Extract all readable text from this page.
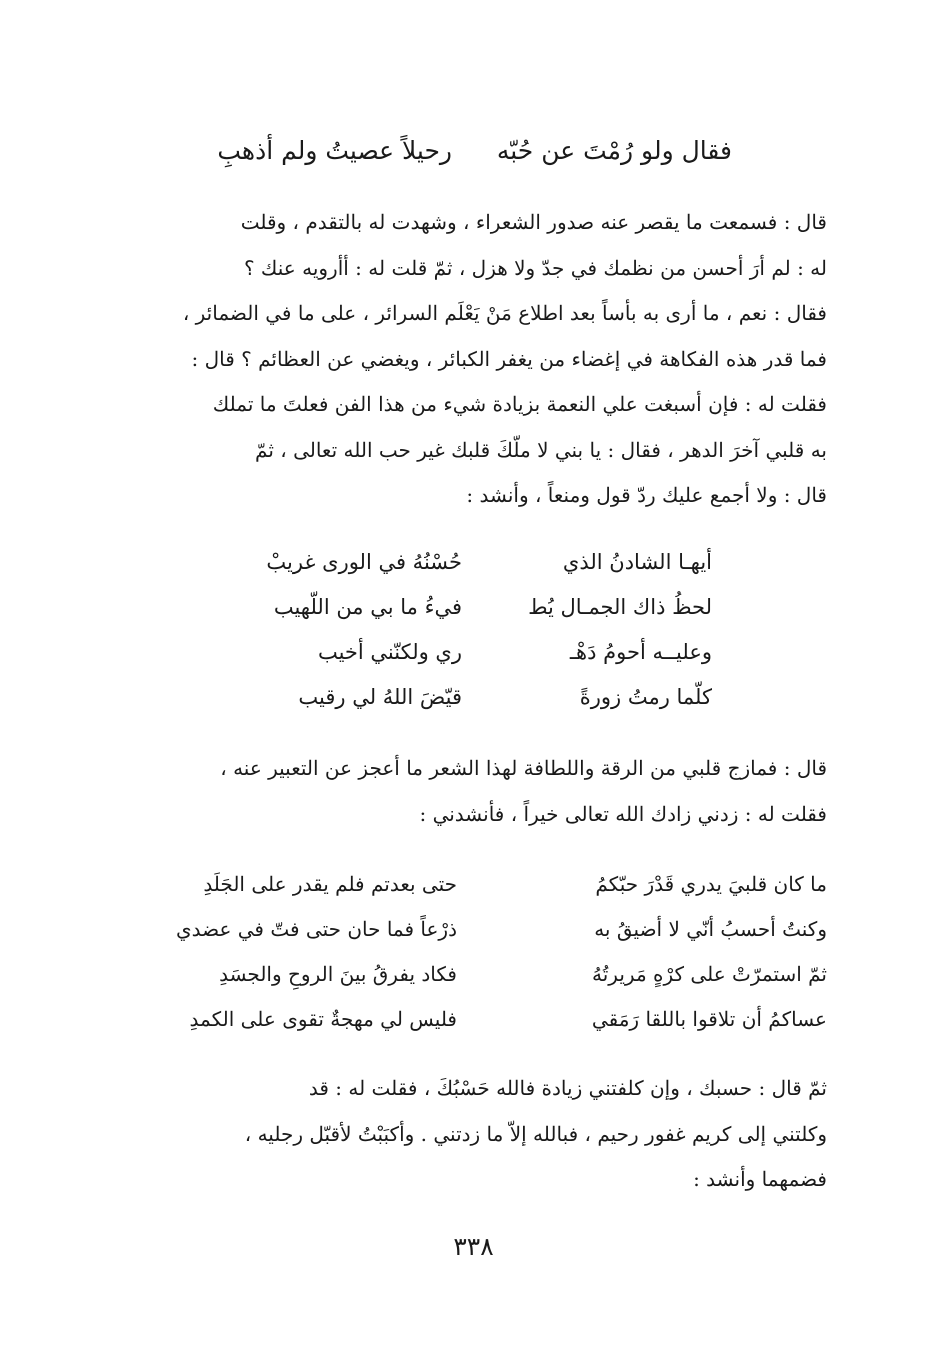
فقال ولو رُمْتَ عن حُبّه
رحيلاً عصيتُ ولم أذهبِ

قال : فسمعت ما يقصر عنه صدور الشعراء ، وشهدت له بالتقدم ، وقلت

له : لم أرَ أحسن من نظمك في جدّ ولا هزل ، ثمّ قلت له : أأرويه عنك ؟

فقال : نعم ، ما أرى به بأساً بعد اطلاع مَنْ يَعْلَم السرائر ، على ما في الضمائر ،

فما قدر هذه الفكاهة في إغضاء من يغفر الكبائر ، ويغضي عن العظائم ؟ قال :

فقلت له : فإن أسبغت علي النعمة بزيادة شيء من هذا الفن فعلتَ ما تملك

به قلبي آخرَ الدهر ، فقال : يا بني لا ملّكَ قلبك غير حب الله تعالى ، ثمّ

قال : ولا أجمع عليك ردّ قول ومنعاً ، وأنشد :

أيهـا الشادنُ الذي
حُسْنُهُ في الورى غريبْ
لحظُ ذاك الجمـال يُط
فيءُ ما بي من اللّهيب
وعليــه أحومُ دَهْـ
ري ولكنّني أخيب
كلّما رمتُ زورةً
قيّضَ اللهُ لي رقيب

قال : فمازج قلبي من الرقة واللطافة لهذا الشعر ما أعجز عن التعبير عنه ،

فقلت له : زدني زادك الله تعالى خيراً ، فأنشدني :

ما كان قلبيَ يدري قَدْرَ حبّكمُ
حتى بعدتم فلم يقدر على الجَلَدِ
وكنتُ أحسبُ أنّي لا أضيقُ به
ذرْعاً فما حان حتى فتّ في عضدي
ثمّ استمرّتْ على كرْهٍ مَريرتُهُ
فكاد يفرقُ بينَ الروحِ والجسَدِ
عساكمُ أن تلاقوا باللقا رَمَقي
فليس لي مهجةٌ تقوى على الكمدِ

ثمّ قال : حسبك ، وإن كلفتني زيادة فالله حَسْبُكَ ، فقلت له : قد

وكلتني إلى كريم غفور رحيم ، فبالله إلاّ ما زدتني . وأكبَبْتُ لأقبّل رجليه ،

فضمهما وأنشد :

٣٣٨
